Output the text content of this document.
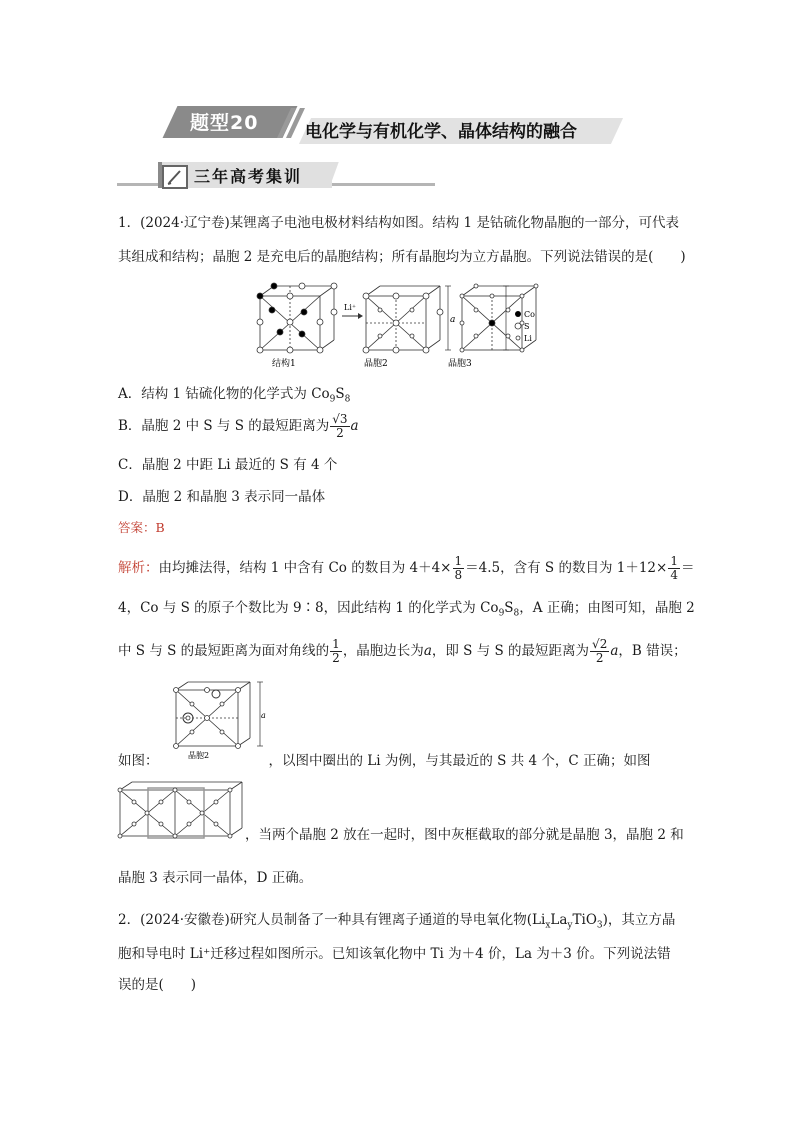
题型20	电化学与有机化学、晶体结构的融合
三年高考集训
1．(2024·辽宁卷)某锂离子电池电极材料结构如图。结构 1 是钴硫化物晶胞的一部分，可代表
其组成和结构；晶胞 2 是充电后的晶胞结构；所有晶胞均为立方晶胞。下列说法错误的是(　　)
Li⁺
a
Co
S
Li
结构1	晶胞2	晶胞3
A．结构 1 钴硫化物的化学式为 $Co_9S_8$
B．晶胞 2 中 S 与 S 的最短距离为 $\frac{√3}{2}$ a
C．晶胞 2 中距 Li 最近的 S 有 4 个
D．晶胞 2 和晶胞 3 表示同一晶体
答案：B
解析：由均摊法得，结构 1 中含有 Co 的数目为 $4+4\times \frac{1}{8} =4.5$，含有 S 的数目为 $1+12\times \frac{1}{4}$ ＝
4，Co 与 S 的原子个数比为 9∶8，因此结构 1 的化学式为 $Co_9S_8$，A 正确；由图可知，晶胞 2
中 S 与 S 的最短距离为面对角线的 $\frac{1}{2}$ ，晶胞边长为a，即 S 与 S 的最短距离为 $\frac{√2}{2}$ a，B 错误；
a
晶胞2
如图：	，以图中圈出的 Li 为例，与其最近的 S 共 4 个，C 正确；如图
，当两个晶胞 2 放在一起时，图中灰框截取的部分就是晶胞 3，晶胞 2 和
晶胞 3 表示同一晶体，D 正确。
2．(2024·安徽卷)研究人员制备了一种具有锂离子通道的导电氧化物$(Li_xLa_yTiO_3)$，其立方晶
胞和导电时 Li⁺迁移过程如图所示。已知该氧化物中 Ti 为＋4 价，La 为＋3 价。下列说法错
误的是(　　)
